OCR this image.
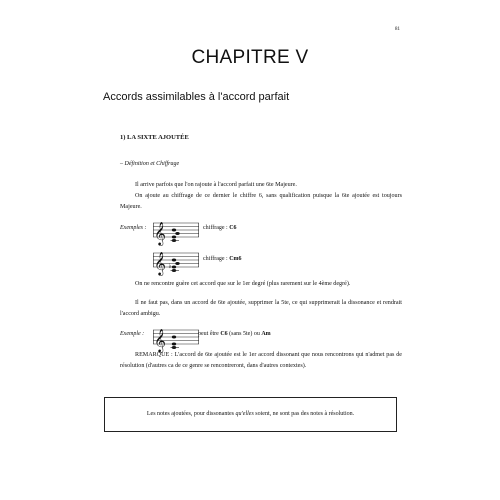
81
CHAPITRE V
Accords assimilables à l'accord parfait
1) LA SIXTE AJOUTÉE
– Définition et Chiffrage
Il arrive parfois que l'on rajoute à l'accord parfait une 6te Majeure.
On ajoute au chiffrage de ce dernier le chiffre 6, sans qualification puisque la 6te ajoutée est toujours Majeure.
Exemples : 𝄞	chiffrage : C6
𝄞 ♭
chiffrage : Cm6
On ne rencontre guère cet accord que sur le 1er degré (plus rarement sur le 4ème degré).
Il ne faut pas, dans un accord de 6te ajoutée, supprimer la 5te, ce qui supprimerait la dissonance et rendrait l'accord ambigu.
Exemple : 𝄞	peut être C6 (sans 5te) ou Am
REMARQUE : L'accord de 6te ajoutée est le 1er accord dissonant que nous rencontrons qui n'admet pas de résolution (d'autres ca de ce genre se rencontreront, dans d'autres contextes).
Les notes ajoutées, pour dissonantes qu'elles soient, ne sont pas des notes à résolution.
